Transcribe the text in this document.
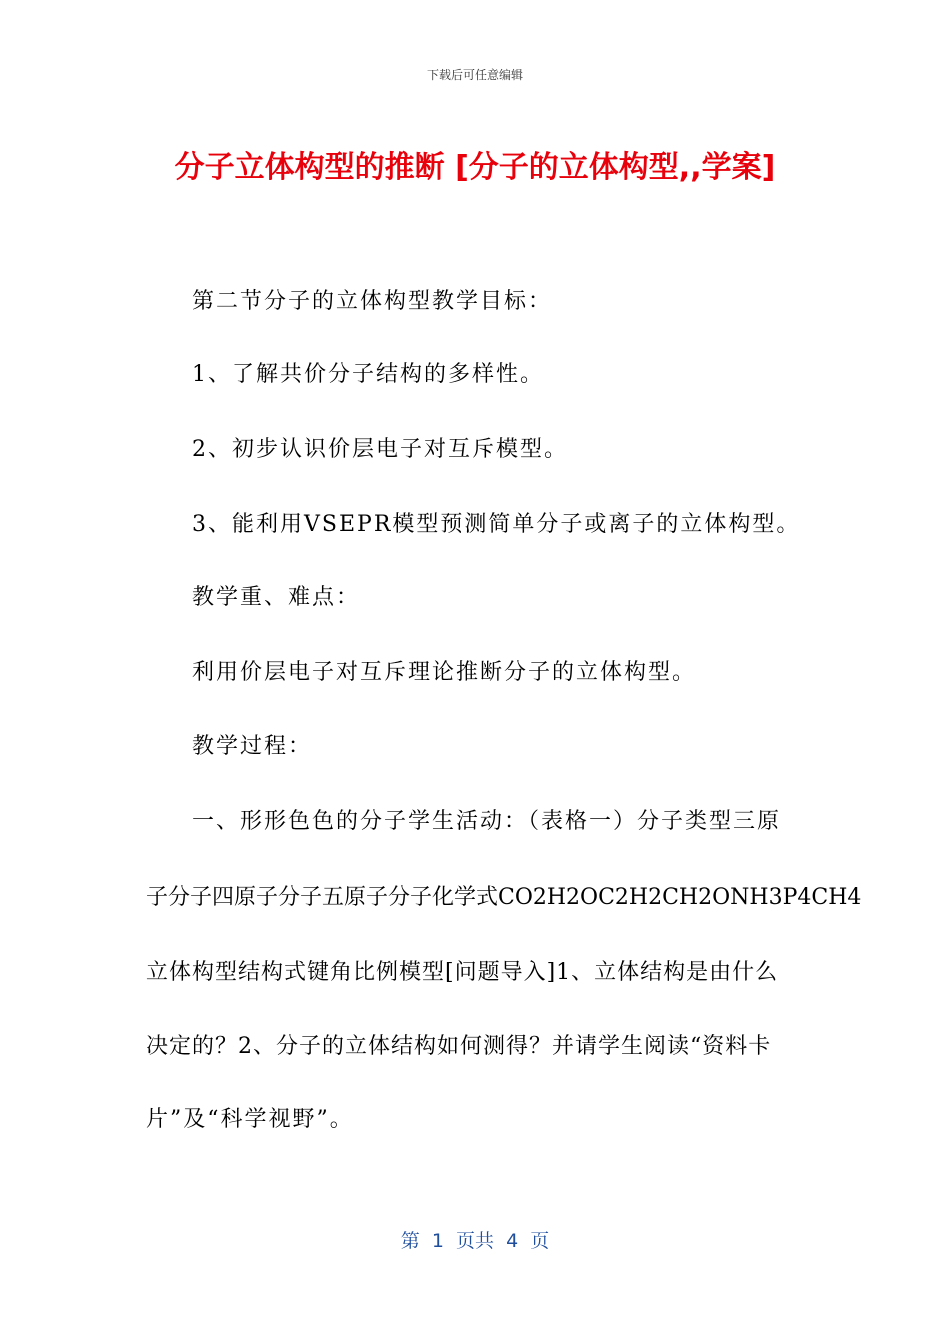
下载后可任意编辑
分子立体构型的推断 [分子的立体构型,,学案]
第二节分子的立体构型教学目标：
1、了解共价分子结构的多样性。
2、初步认识价层电子对互斥模型。
3、能利用VSEPR模型预测简单分子或离子的立体构型。
教学重、难点：
利用价层电子对互斥理论推断分子的立体构型。
教学过程：
一、形形色色的分子学生活动：（表格一）分子类型三原
子分子四原子分子五原子分子化学式CO2H2OC2H2CH2ONH3P4CH4
立体构型结构式键角比例模型[问题导入]1、立体结构是由什么
决定的？2、分子的立体结构如何测得？并请学生阅读“资料卡
片”及“科学视野”。
第  1  页共  4  页
